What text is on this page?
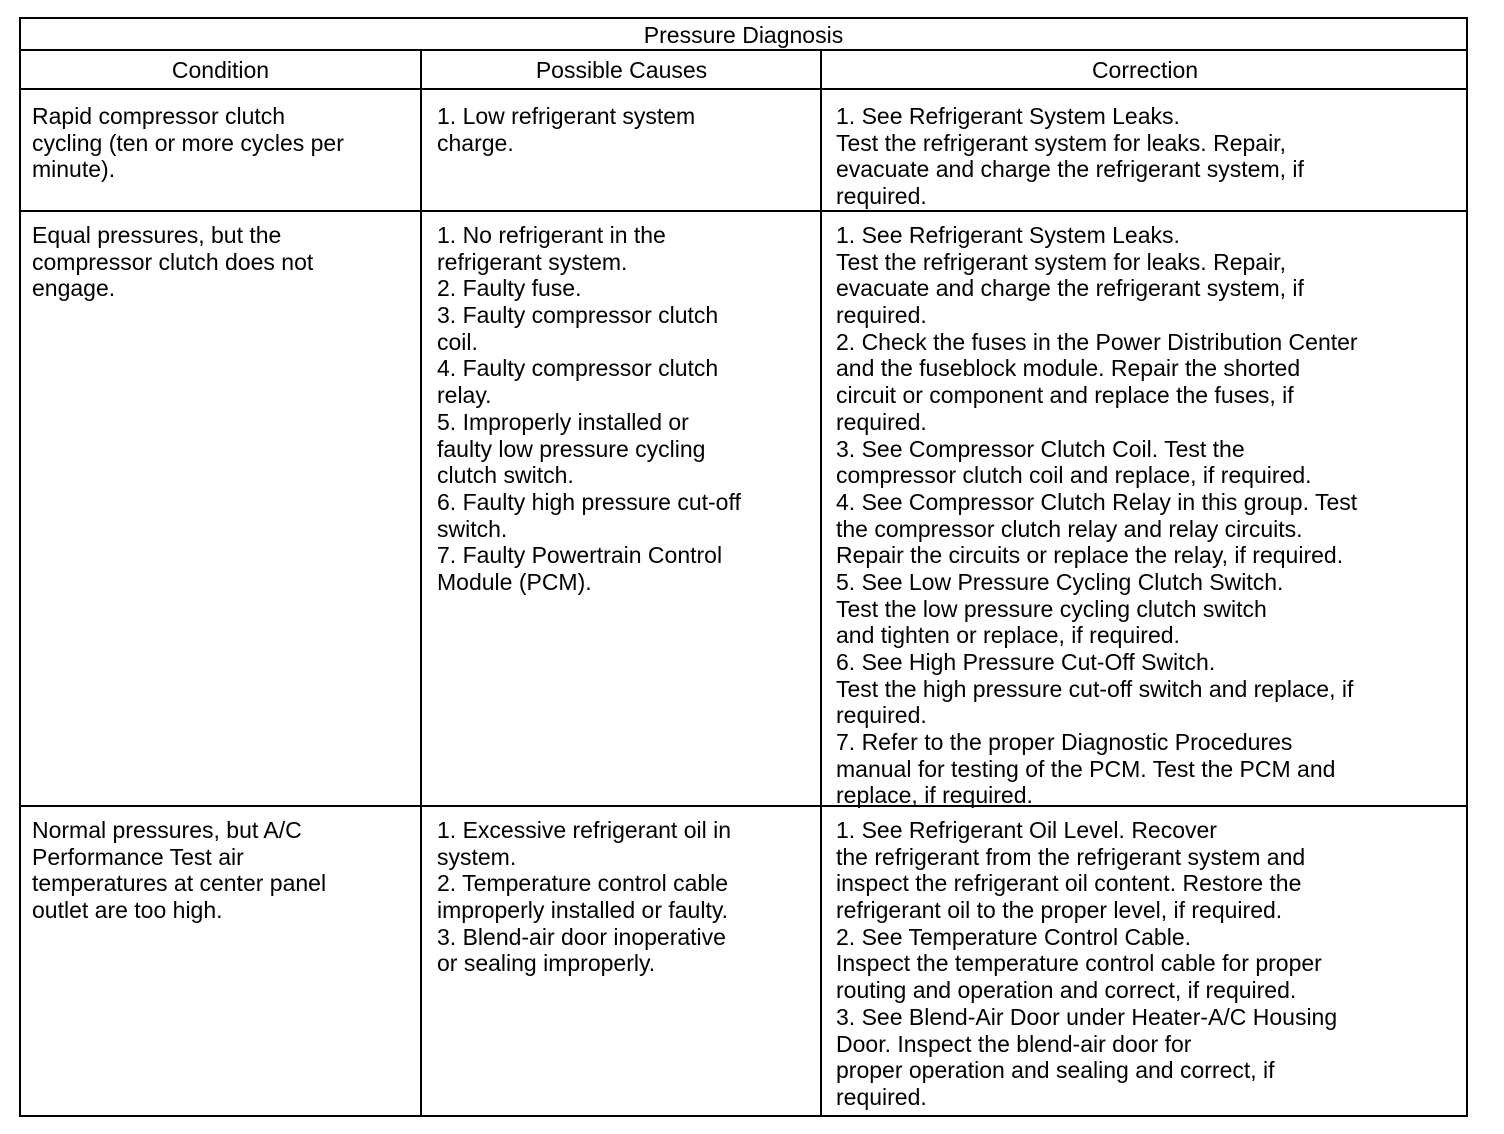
Pressure Diagnosis
Condition	Possible Causes	Correction
Rapid compressor clutch
cycling (ten or more cycles per
minute).
1. Low refrigerant system
charge.
1. See Refrigerant System Leaks.
Test the refrigerant system for leaks. Repair,
evacuate and charge the refrigerant system, if
required.
Equal pressures, but the
compressor clutch does not
engage.
1. No refrigerant in the
refrigerant system.
2. Faulty fuse.
3. Faulty compressor clutch
coil.
4. Faulty compressor clutch
relay.
5. Improperly installed or
faulty low pressure cycling
clutch switch.
6. Faulty high pressure cut-off
switch.
7. Faulty Powertrain Control
Module (PCM).
1. See Refrigerant System Leaks.
Test the refrigerant system for leaks. Repair,
evacuate and charge the refrigerant system, if
required.
2. Check the fuses in the Power Distribution Center
and the fuseblock module. Repair the shorted
circuit or component and replace the fuses, if
required.
3. See Compressor Clutch Coil. Test the
compressor clutch coil and replace, if required.
4. See Compressor Clutch Relay in this group. Test
the compressor clutch relay and relay circuits.
Repair the circuits or replace the relay, if required.
5. See Low Pressure Cycling Clutch Switch.
Test the low pressure cycling clutch switch
and tighten or replace, if required.
6. See High Pressure Cut-Off Switch.
Test the high pressure cut-off switch and replace, if
required.
7. Refer to the proper Diagnostic Procedures
manual for testing of the PCM. Test the PCM and
replace, if required.
Normal pressures, but A/C
Performance Test air
temperatures at center panel
outlet are too high.
1. Excessive refrigerant oil in
system.
2. Temperature control cable
improperly installed or faulty.
3. Blend-air door inoperative
or sealing improperly.
1. See Refrigerant Oil Level. Recover
the refrigerant from the refrigerant system and
inspect the refrigerant oil content. Restore the
refrigerant oil to the proper level, if required.
2. See Temperature Control Cable.
Inspect the temperature control cable for proper
routing and operation and correct, if required.
3. See Blend-Air Door under Heater-A/C Housing
Door. Inspect the blend-air door for
proper operation and sealing and correct, if
required.
